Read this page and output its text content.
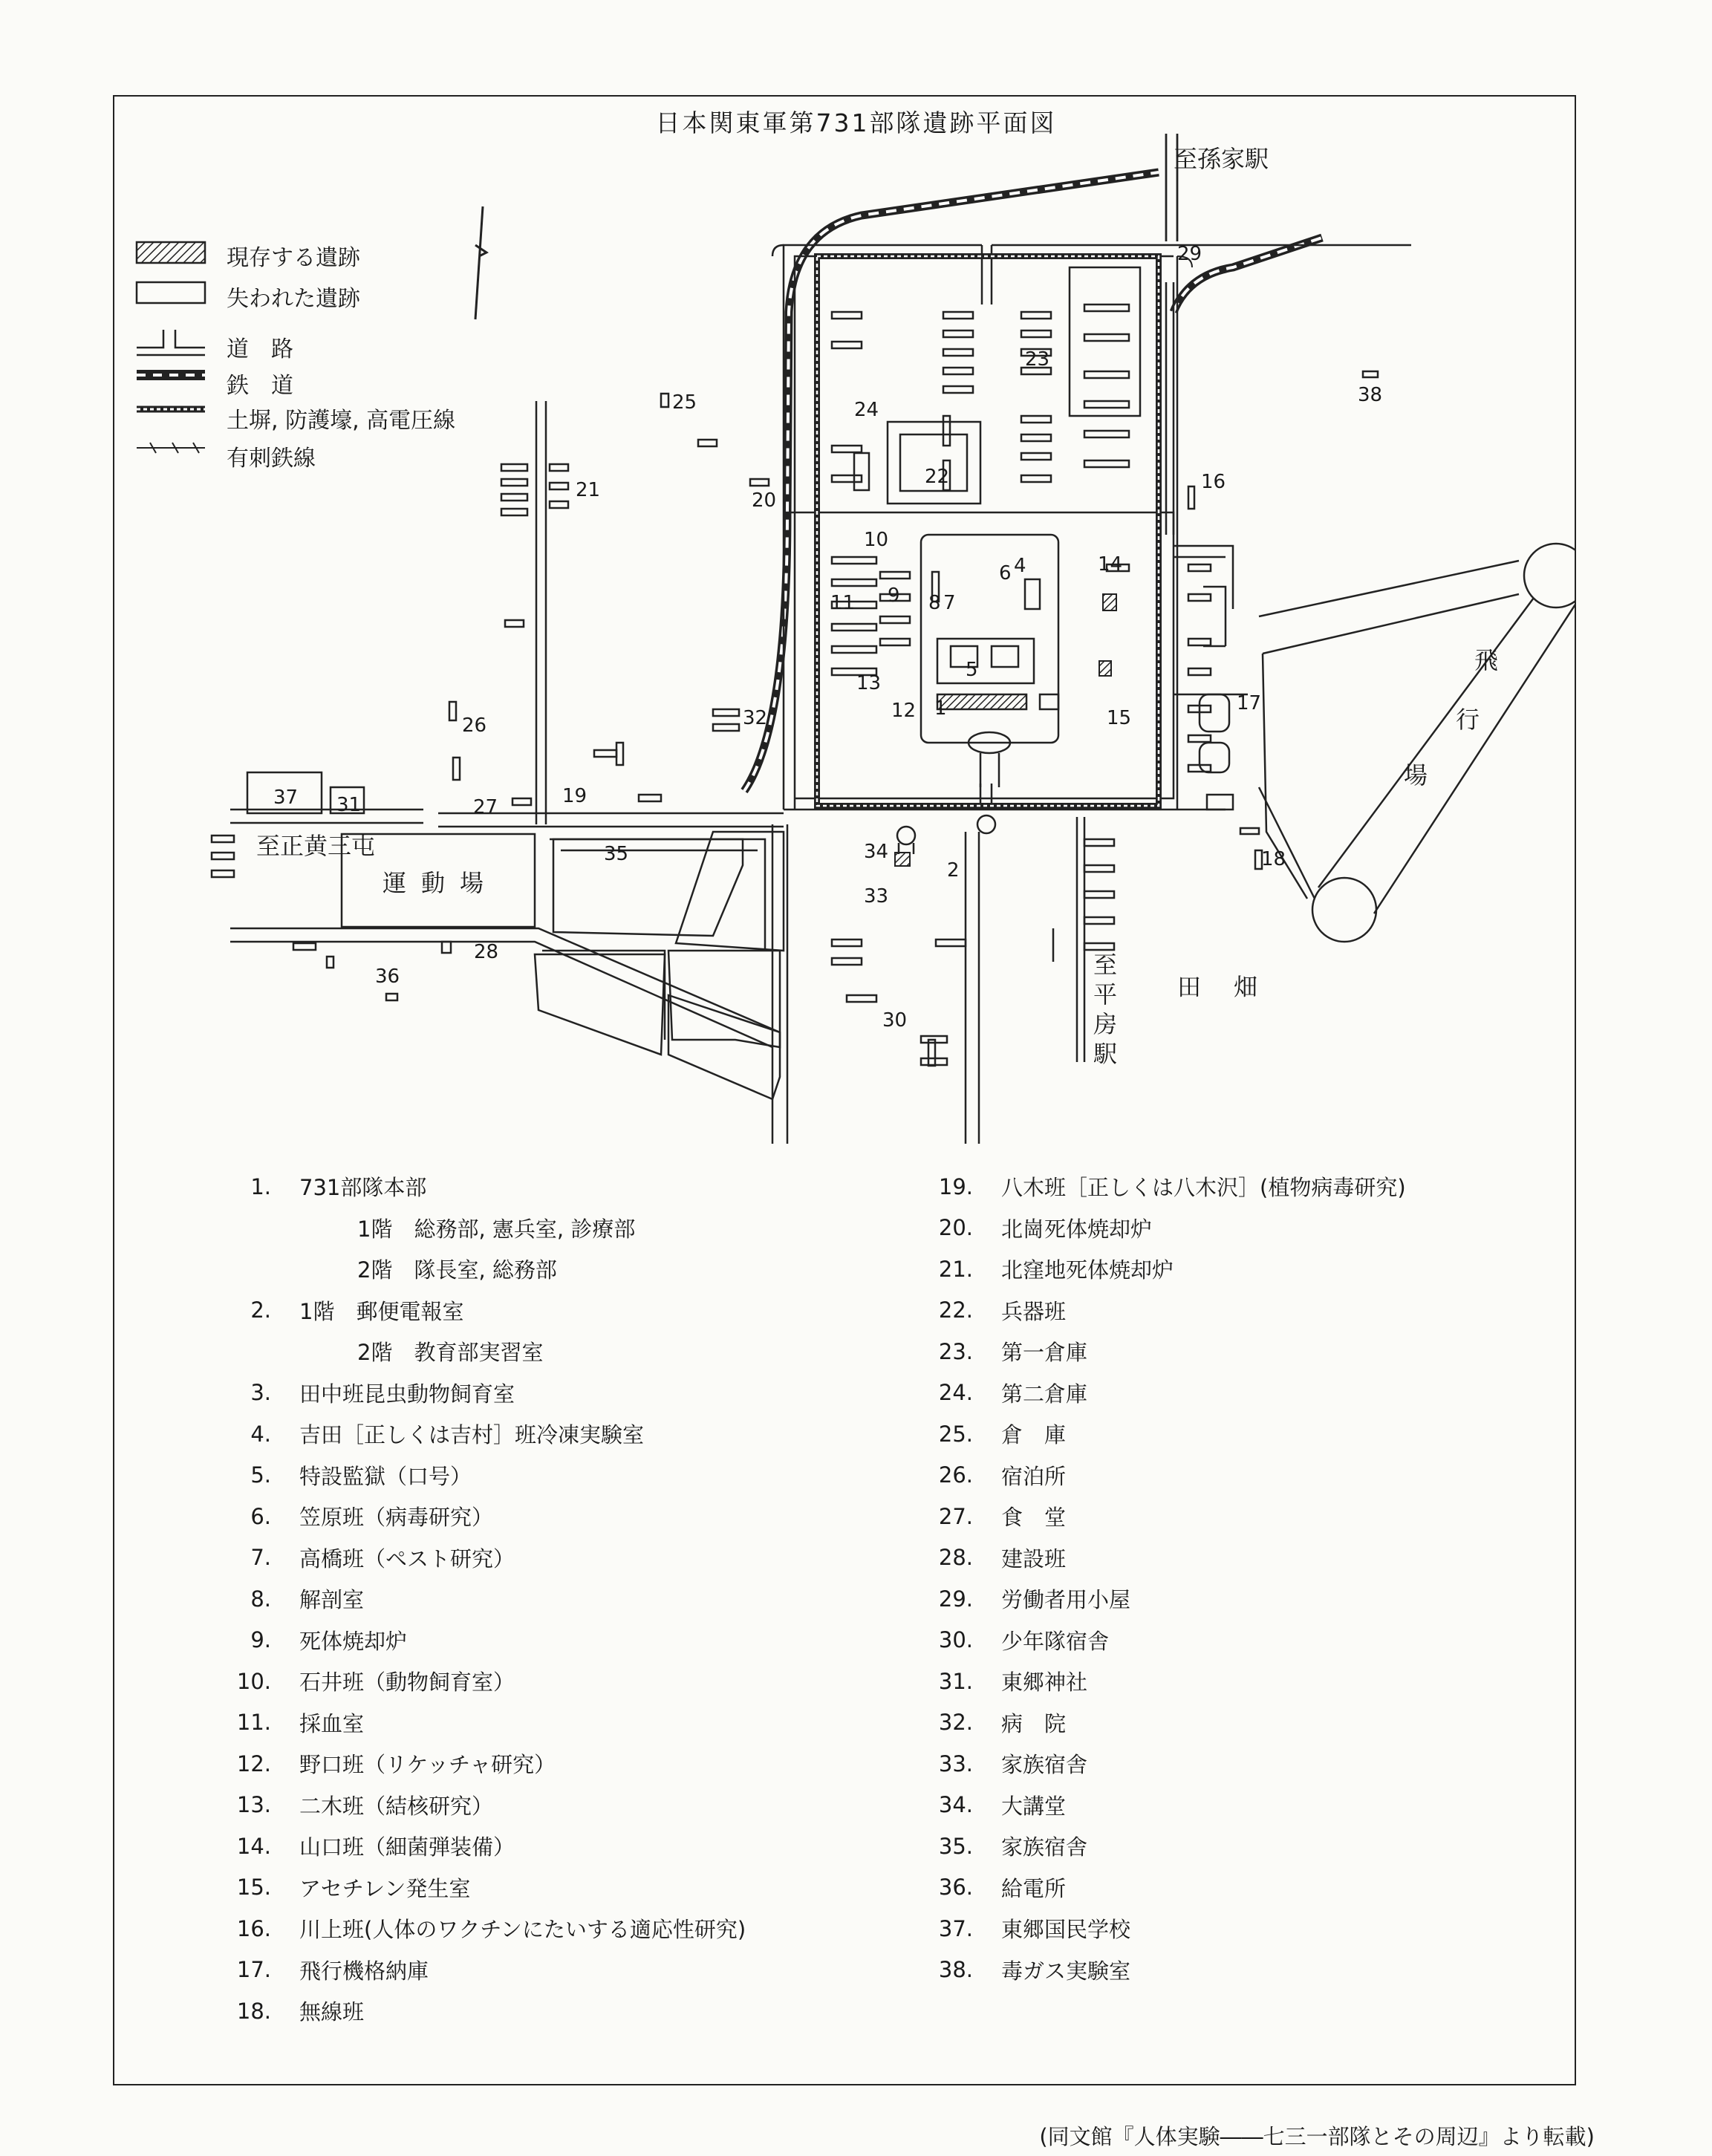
日本関東軍第731部隊遺跡平面図
現存する遺跡
失われた遺跡
道　路
鉄　道
土塀, 防護壕, 高電圧線
有刺鉄線
至孫家駅
至正黄三屯
運動場
田　畑
至
平
房
駅
飛
行
場
1
2
4
5
6
7
8
9
10
11
12
13
14
15
16
17
18
19
20
21
22
23
24
25
26
27
28
29
30
31
32
33
34
35
36
37
38
1. 731部隊本部
1階　総務部, 憲兵室, 診療部
2階　隊長室, 総務部
2. 1階　郵便電報室
2階　教育部実習室
3. 田中班昆虫動物飼育室
4. 吉田［正しくは吉村］班冷凍実験室
5. 特設監獄（口号）
6. 笠原班（病毒研究）
7. 高橋班（ペスト研究）
8. 解剖室
9. 死体焼却炉
10. 石井班（動物飼育室）
11. 採血室
12. 野口班（リケッチャ研究）
13. 二木班（結核研究）
14. 山口班（細菌弾装備）
15. アセチレン発生室
16. 川上班(人体のワクチンにたいする適応性研究)
17. 飛行機格納庫
18. 無線班
19. 八木班［正しくは八木沢］(植物病毒研究)
20. 北崗死体焼却炉
21. 北窪地死体焼却炉
22. 兵器班
23. 第一倉庫
24. 第二倉庫
25. 倉　庫
26. 宿泊所
27. 食　堂
28. 建設班
29. 労働者用小屋
30. 少年隊宿舎
31. 東郷神社
32. 病　院
33. 家族宿舎
34. 大講堂
35. 家族宿舎
36. 給電所
37. 東郷国民学校
38. 毒ガス実験室
(同文館『人体実験――七三一部隊とその周辺』より転載)
